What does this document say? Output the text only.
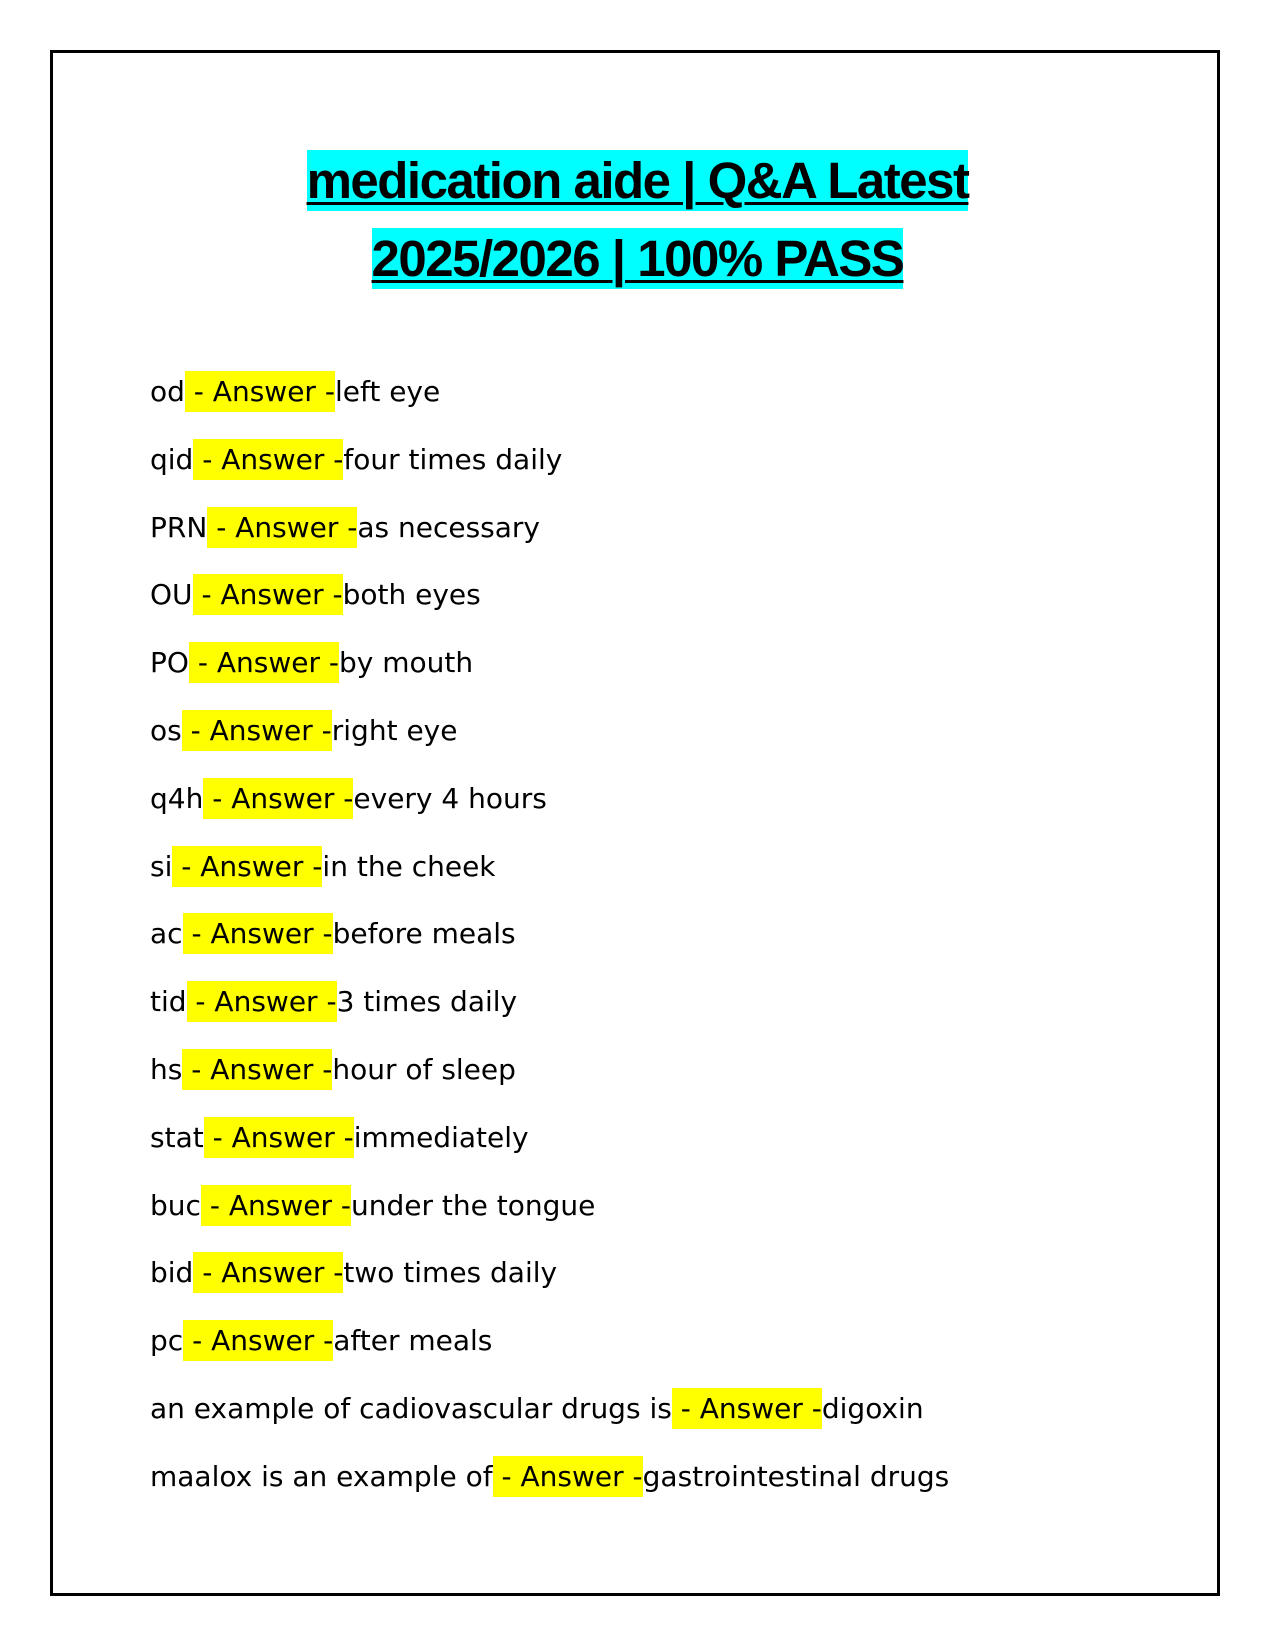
medication aide | Q&A Latest
2025/2026 | 100% PASS
od - Answer -left eye
qid - Answer -four times daily
PRN - Answer -as necessary
OU - Answer -both eyes
PO - Answer -by mouth
os - Answer -right eye
q4h - Answer -every 4 hours
si - Answer -in the cheek
ac - Answer -before meals
tid - Answer -3 times daily
hs - Answer -hour of sleep
stat - Answer -immediately
buc - Answer -under the tongue
bid - Answer -two times daily
pc - Answer -after meals
an example of cadiovascular drugs is - Answer -digoxin
maalox is an example of - Answer -gastrointestinal drugs
